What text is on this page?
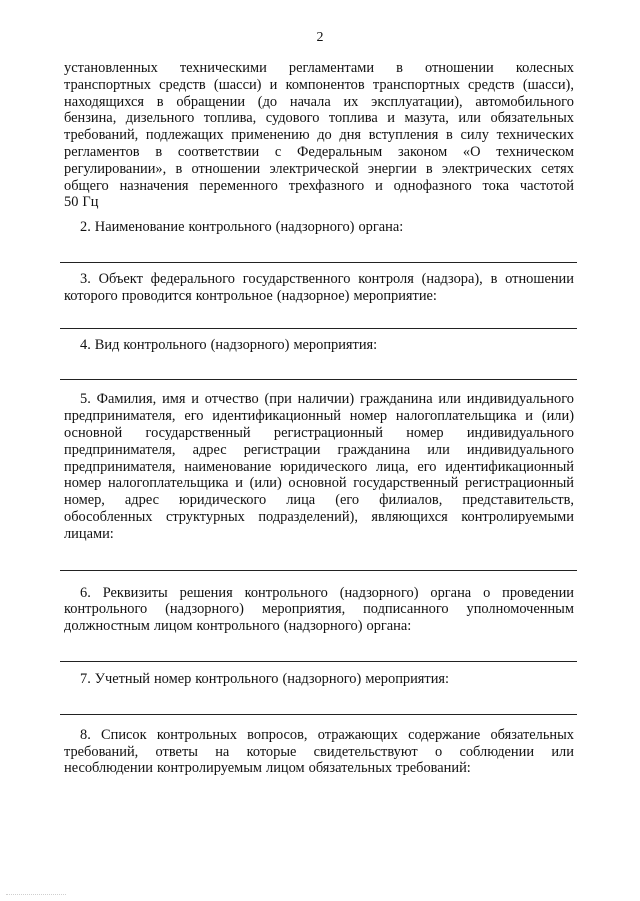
2
установленных техническими регламентами в отношении колесных
транспортных средств (шасси) и компонентов транспортных средств (шасси),
находящихся в обращении (до начала их эксплуатации), автомобильного
бензина, дизельного топлива, судового топлива и мазута, или обязательных
требований, подлежащих применению до дня вступления в силу технических
регламентов в соответствии с Федеральным законом «О техническом
регулировании», в отношении электрической энергии в электрических сетях
общего назначения переменного трехфазного и однофазного тока частотой
50 Гц
2. Наименование контрольного (надзорного) органа:
3. Объект федерального государственного контроля (надзора), в отношении
которого проводится контрольное (надзорное) мероприятие:
4. Вид контрольного (надзорного) мероприятия:
5. Фамилия, имя и отчество (при наличии) гражданина или индивидуального
предпринимателя, его идентификационный номер налогоплательщика и (или)
основной государственный регистрационный номер индивидуального
предпринимателя, адрес регистрации гражданина или индивидуального
предпринимателя, наименование юридического лица, его идентификационный
номер налогоплательщика и (или) основной государственный регистрационный
номер, адрес юридического лица (его филиалов, представительств,
обособленных структурных подразделений), являющихся контролируемыми
лицами:
6. Реквизиты решения контрольного (надзорного) органа о проведении
контрольного (надзорного) мероприятия, подписанного уполномоченным
должностным лицом контрольного (надзорного) органа:
7. Учетный номер контрольного (надзорного) мероприятия:
8. Список контрольных вопросов, отражающих содержание обязательных
требований, ответы на которые свидетельствуют о соблюдении или
несоблюдении контролируемым лицом обязательных требований:
